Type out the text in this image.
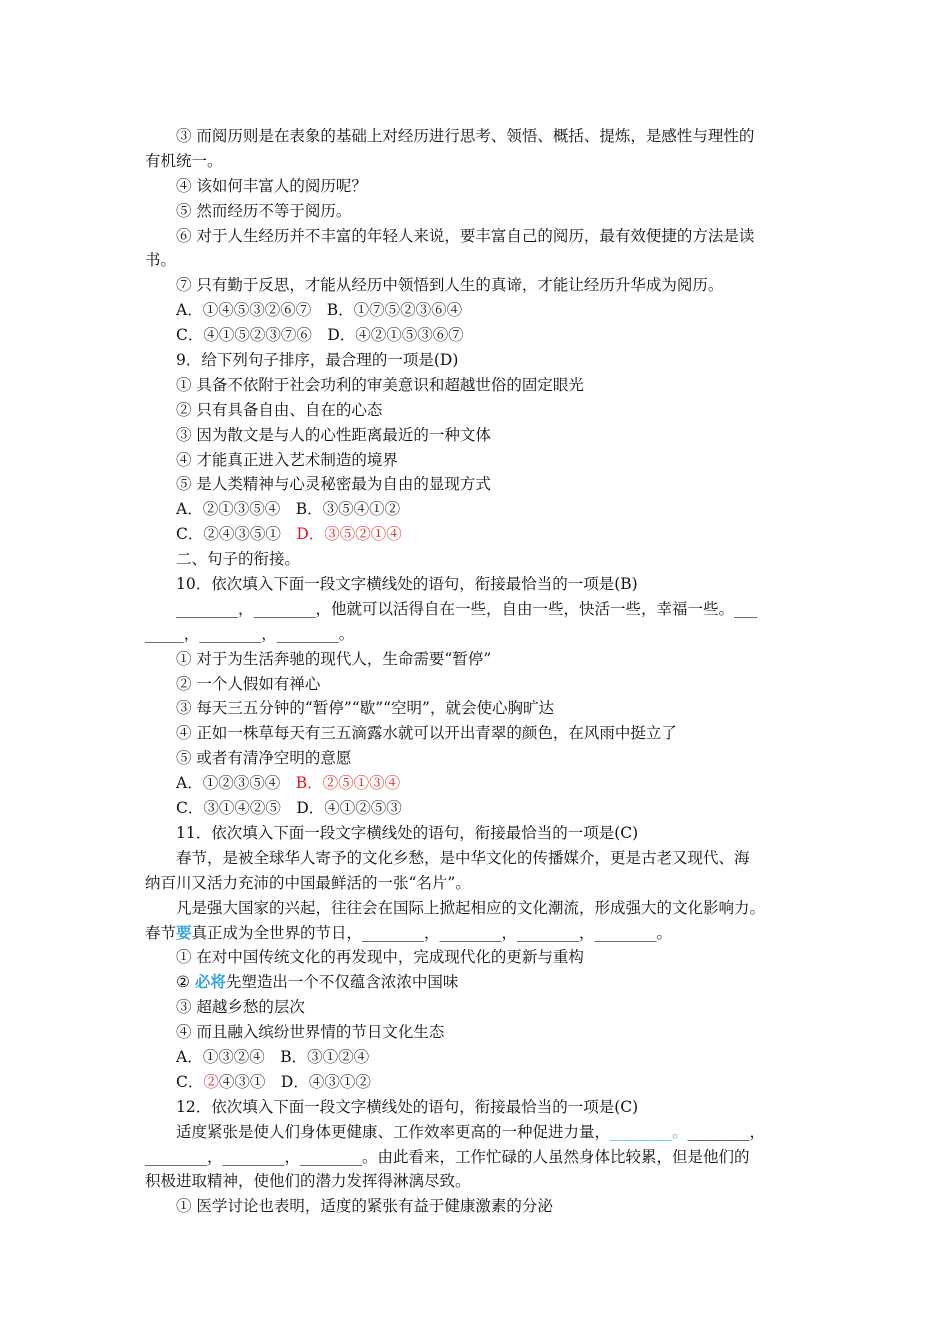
③ 而阅历则是在表象的基础上对经历进行思考、领悟、概括、提炼，是感性与理性的
有机统一。
④ 该如何丰富人的阅历呢？
⑤ 然而经历不等于阅历。
⑥ 对于人生经历并不丰富的年轻人来说，要丰富自己的阅历，最有效便捷的方法是读
书。
⑦ 只有勤于反思，才能从经历中领悟到人生的真谛，才能让经历升华成为阅历。
A．①④⑤③②⑥⑦　B．①⑦⑤②③⑥④
C．④①⑤②③⑦⑥　D．④②①⑤③⑥⑦
9．给下列句子排序，最合理的一项是(D)
① 具备不依附于社会功利的审美意识和超越世俗的固定眼光
② 只有具备自由、自在的心态
③ 因为散文是与人的心性距离最近的一种文体
④ 才能真正进入艺术制造的境界
⑤ 是人类精神与心灵秘密最为自由的显现方式
A．②①③⑤④　B．③⑤④①②
C．②④③⑤①　D．③⑤②①④
二、句子的衔接。
10．依次填入下面一段文字横线处的语句，衔接最恰当的一项是(B)
________，________，他就可以活得自在一些，自由一些，快活一些，幸福一些。___
_____，________，________。
① 对于为生活奔驰的现代人，生命需要“暂停”
② 一个人假如有禅心
③ 每天三五分钟的“暂停”“歇”“空明”，就会使心胸旷达
④ 正如一株草每天有三五滴露水就可以开出青翠的颜色，在风雨中挺立了
⑤ 或者有清净空明的意愿
A．①②③⑤④　B．②⑤①③④
C．③①④②⑤　D．④①②⑤③
11．依次填入下面一段文字横线处的语句，衔接最恰当的一项是(C)
春节，是被全球华人寄予的文化乡愁，是中华文化的传播媒介，更是古老又现代、海
纳百川又活力充沛的中国最鲜活的一张“名片”。
凡是强大国家的兴起，往往会在国际上掀起相应的文化潮流，形成强大的文化影响力。
春节要真正成为全世界的节日，________，________，________，________。
① 在对中国传统文化的再发现中，完成现代化的更新与重构
② 必将先塑造出一个不仅蕴含浓浓中国味
③ 超越乡愁的层次
④ 而且融入缤纷世界情的节日文化生态
A．①③②④　B．③①②④
C．②④③①　D．④③①②
12．依次填入下面一段文字横线处的语句，衔接最恰当的一项是(C)
适度紧张是使人们身体更健康、工作效率更高的一种促进力量，________。________，
________，________，________。由此看来，工作忙碌的人虽然身体比较累，但是他们的
积极进取精神，使他们的潜力发挥得淋漓尽致。
① 医学讨论也表明，适度的紧张有益于健康激素的分泌
